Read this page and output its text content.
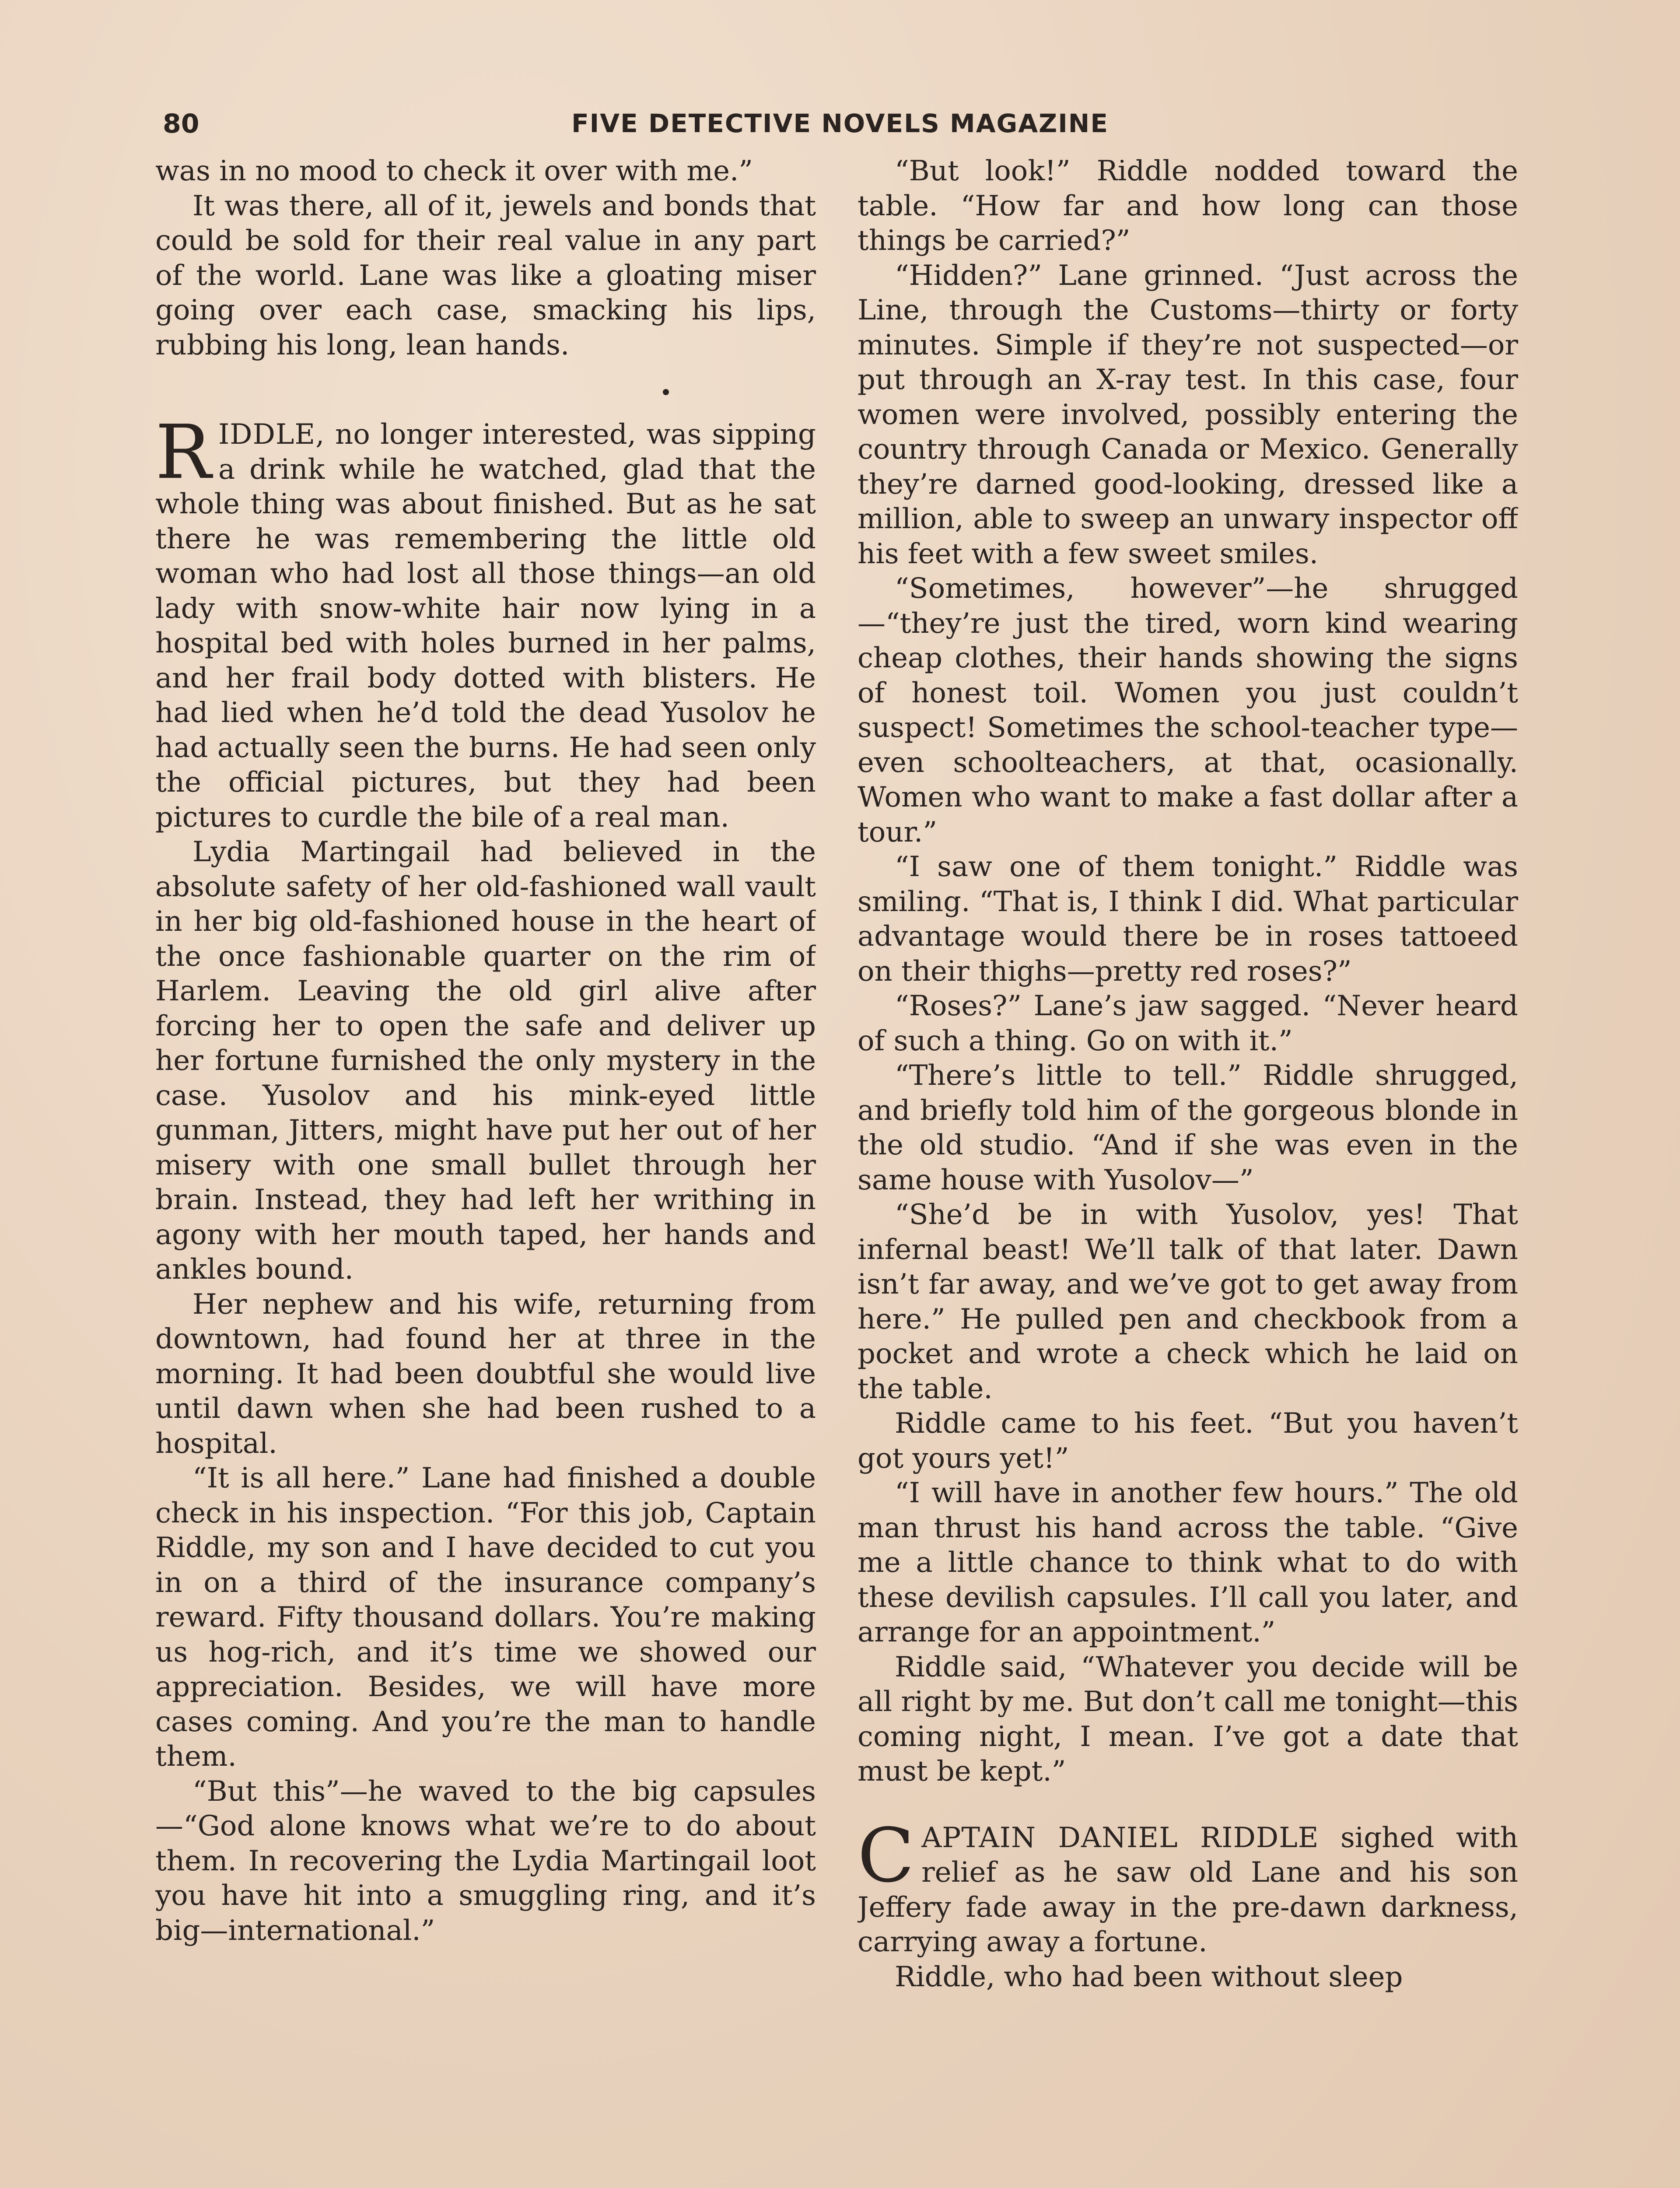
80	FIVE DETECTIVE NOVELS MAGAZINE

was in no mood to check it over with me.”

It was there, all of it, jewels and bonds that could be sold for their real value in any part of the world. Lane was like a gloating miser going over each case, smacking his lips, rubbing his long, lean hands.

RIDDLE, no longer interested, was sipping a drink while he watched, glad that the whole thing was about finished. But as he sat there he was remembering the little old woman who had lost all those things—an old lady with snow-white hair now lying in a hospital bed with holes burned in her palms, and her frail body dotted with blisters. He had lied when he’d told the dead Yusolov he had actually seen the burns. He had seen only the official pictures, but they had been pictures to curdle the bile of a real man.

Lydia Martingail had believed in the absolute safety of her old-fashioned wall vault in her big old-fashioned house in the heart of the once fashionable quarter on the rim of Harlem. Leaving the old girl alive after forcing her to open the safe and deliver up her fortune furnished the only mystery in the case. Yusolov and his mink-eyed little gunman, Jitters, might have put her out of her misery with one small bullet through her brain. Instead, they had left her writhing in agony with her mouth taped, her hands and ankles bound.

Her nephew and his wife, returning from downtown, had found her at three in the morning. It had been doubtful she would live until dawn when she had been rushed to a hospital.

“It is all here.” Lane had finished a double check in his inspection. “For this job, Captain Riddle, my son and I have decided to cut you in on a third of the insurance company’s reward. Fifty thousand dollars. You’re making us hog-rich, and it’s time we showed our appreciation. Besides, we will have more cases coming. And you’re the man to handle them.

“But this”—he waved to the big capsules—“God alone knows what we’re to do about them. In recovering the Lydia Martingail loot you have hit into a smuggling ring, and it’s big—international.”

“But look!” Riddle nodded toward the table. “How far and how long can those things be carried?”

“Hidden?” Lane grinned. “Just across the Line, through the Customs—thirty or forty minutes. Simple if they’re not suspected—or put through an X-ray test. In this case, four women were involved, possibly entering the country through Canada or Mexico. Generally they’re darned good-looking, dressed like a million, able to sweep an unwary inspector off his feet with a few sweet smiles.

“Sometimes, however”—he shrugged —“they’re just the tired, worn kind wearing cheap clothes, their hands showing the signs of honest toil. Women you just couldn’t suspect! Sometimes the school-teacher type—even schoolteachers, at that, ocasionally. Women who want to make a fast dollar after a tour.”

“I saw one of them tonight.” Riddle was smiling. “That is, I think I did. What particular advantage would there be in roses tattoeed on their thighs—pretty red roses?”

“Roses?” Lane’s jaw sagged. “Never heard of such a thing. Go on with it.”

“There’s little to tell.” Riddle shrugged, and briefly told him of the gorgeous blonde in the old studio. “And if she was even in the same house with Yusolov—”

“She’d be in with Yusolov, yes! That infernal beast! We’ll talk of that later. Dawn isn’t far away, and we’ve got to get away from here.” He pulled pen and checkbook from a pocket and wrote a check which he laid on the table.

Riddle came to his feet. “But you haven’t got yours yet!”

“I will have in another few hours.” The old man thrust his hand across the table. “Give me a little chance to think what to do with these devilish capsules. I’ll call you later, and arrange for an appointment.”

Riddle said, “Whatever you decide will be all right by me. But don’t call me tonight—this coming night, I mean. I’ve got a date that must be kept.”

CAPTAIN DANIEL RIDDLE sighed with relief as he saw old Lane and his son Jeffery fade away in the pre-dawn darkness, carrying away a fortune.

Riddle, who had been without sleep
